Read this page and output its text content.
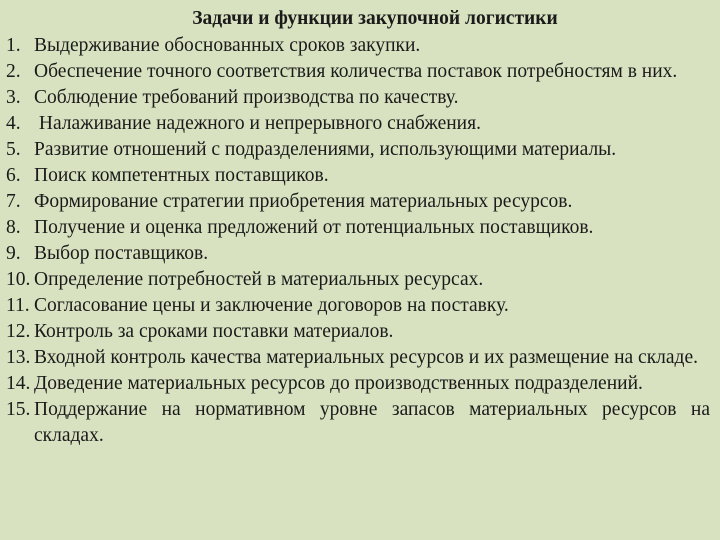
Задачи и функции закупочной логистики
1. Выдерживание обоснованных сроков закупки.
2. Обеспечение точного соответствия количества поставок потребностям в них.
3. Соблюдение требований производства по качеству.
4. Налаживание надежного и непрерывного снабжения.
5. Развитие отношений с подразделениями, использующими материалы.
6. Поиск компетентных поставщиков.
7. Формирование стратегии приобретения материальных ресурсов.
8. Получение и оценка предложений от потенциальных поставщиков.
9. Выбор поставщиков.
10. Определение потребностей в материальных ресурсах.
11. Согласование цены и заключение договоров на поставку.
12. Контроль за сроками поставки материалов.
13. Входной контроль качества материальных ресурсов и их размещение на складе.
14. Доведение материальных ресурсов до производственных подразделений.
15. Поддержание на нормативном уровне запасов материальных ресурсов на складах.
